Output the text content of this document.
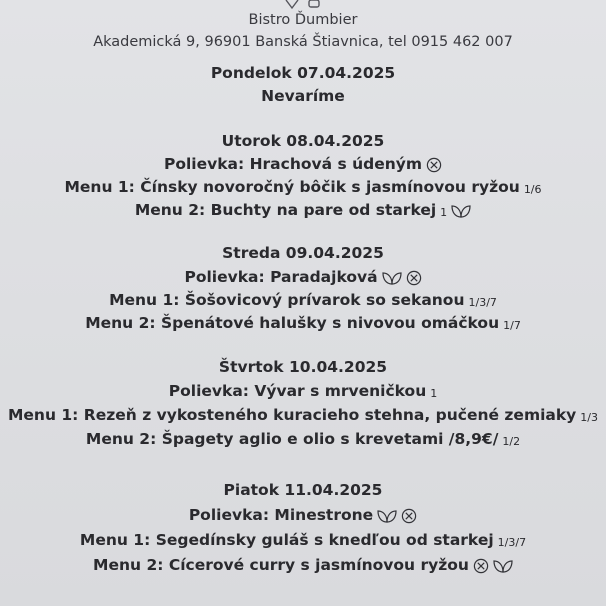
Bistro Ďumbier
Akademická 9, 96901 Banská Štiavnica, tel 0915 462 007
Pondelok 07.04.2025
Nevaríme
Utorok 08.04.2025
Polievka: Hrachová s údeným
Menu 1: Čínsky novoročný bôčik s jasmínovou ryžou 1/6
Menu 2: Buchty na pare od starkej 1
Streda 09.04.2025
Polievka: Paradajková
Menu 1: Šošovicový prívarok so sekanou 1/3/7
Menu 2: Špenátové halušky s nivovou omáčkou 1/7
Štvrtok 10.04.2025
Polievka: Vývar s mrveničkou 1
Menu 1: Rezeň z vykosteného kuracieho stehna, pučené zemiaky 1/3
Menu 2: Špagety aglio e olio s krevetami /8,9€/ 1/2
Piatok 11.04.2025
Polievka: Minestrone
Menu 1: Segedínsky guláš s knedľou od starkej 1/3/7
Menu 2: Cícerové curry s jasmínovou ryžou
